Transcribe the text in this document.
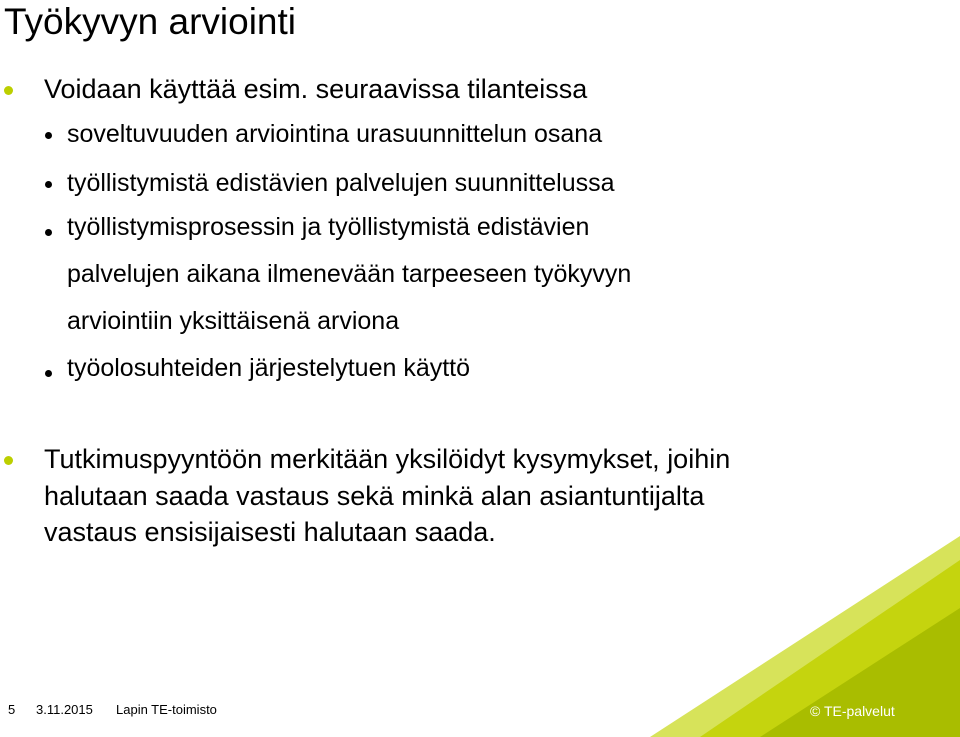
Työkyvyn arviointi
Voidaan käyttää esim. seuraavissa tilanteissa
soveltuvuuden arviointina urasuunnittelun osana
työllistymistä edistävien palvelujen suunnittelussa
työllistymisprosessin ja työllistymistä edistävien
palvelujen aikana ilmenevään tarpeeseen työkyvyn
arviointiin yksittäisenä arviona
työolosuhteiden järjestelytuen käyttö
Tutkimuspyyntöön merkitään yksilöidyt kysymykset, joihin
halutaan saada vastaus sekä minkä alan asiantuntijalta
vastaus ensisijaisesti halutaan saada.
5 3.11.2015 Lapin TE-toimisto	© TE-palvelut
